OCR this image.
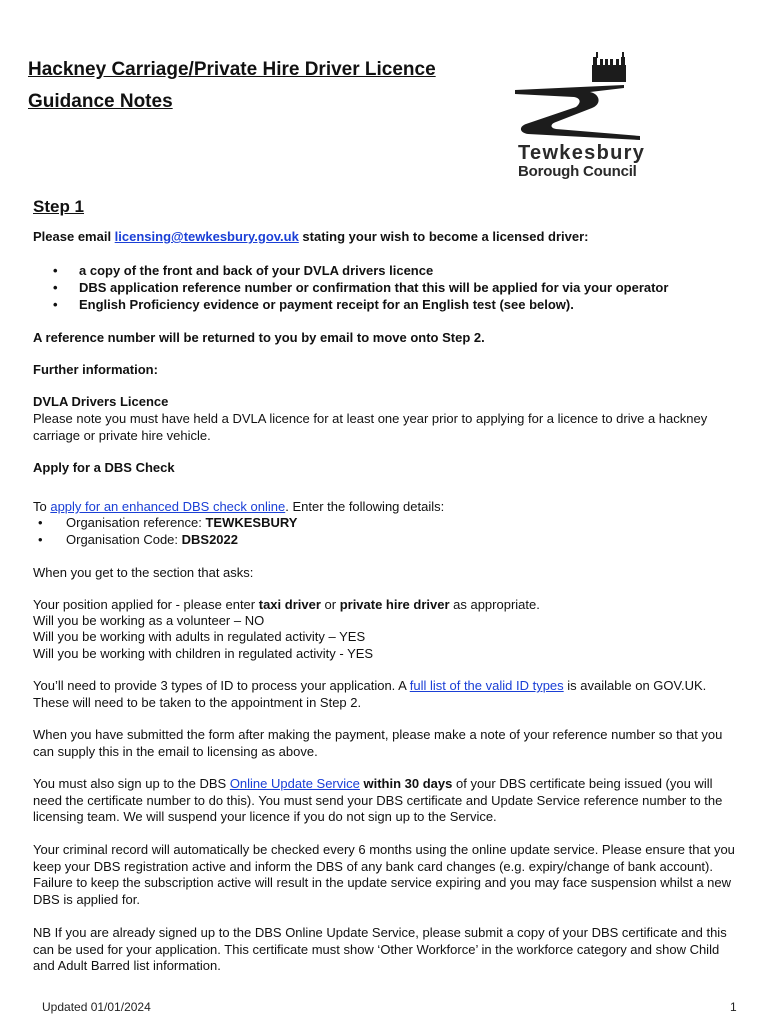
Hackney Carriage/Private Hire Driver Licence
Guidance Notes
Tewkesbury
Borough Council
Step 1

Please email licensing@tewkesbury.gov.uk stating your wish to become a licensed driver:

• a copy of the front and back of your DVLA drivers licence
• DBS application reference number or confirmation that this will be applied for via your operator
• English Proficiency evidence or payment receipt for an English test (see below).

A reference number will be returned to you by email to move onto Step 2.

Further information:

DVLA Drivers Licence

Please note you must have held a DVLA licence for at least one year prior to applying for a licence to drive a hackney carriage or private hire vehicle.

Apply for a DBS Check

To apply for an enhanced DBS check online. Enter the following details:

• Organisation reference: TEWKESBURY
• Organisation Code: DBS2022

When you get to the section that asks:

Your position applied for - please enter taxi driver or private hire driver as appropriate.

Will you be working as a volunteer – NO

Will you be working with adults in regulated activity – YES

Will you be working with children in regulated activity - YES

You’ll need to provide 3 types of ID to process your application. A full list of the valid ID types is available on GOV.UK. These will need to be taken to the appointment in Step 2.

When you have submitted the form after making the payment, please make a note of your reference number so that you can supply this in the email to licensing as above.

You must also sign up to the DBS Online Update Service within 30 days of your DBS certificate being issued (you will need the certificate number to do this). You must send your DBS certificate and Update Service reference number to the licensing team. We will suspend your licence if you do not sign up to the Service.

Your criminal record will automatically be checked every 6 months using the online update service. Please ensure that you keep your DBS registration active and inform the DBS of any bank card changes (e.g. expiry/change of bank account). Failure to keep the subscription active will result in the update service expiring and you may face suspension whilst a new DBS is applied for.

NB If you are already signed up to the DBS Online Update Service, please submit a copy of your DBS certificate and this can be used for your application. This certificate must show ‘Other Workforce’ in the workforce category and show Child and Adult Barred list information.

Updated 01/01/2024	1
